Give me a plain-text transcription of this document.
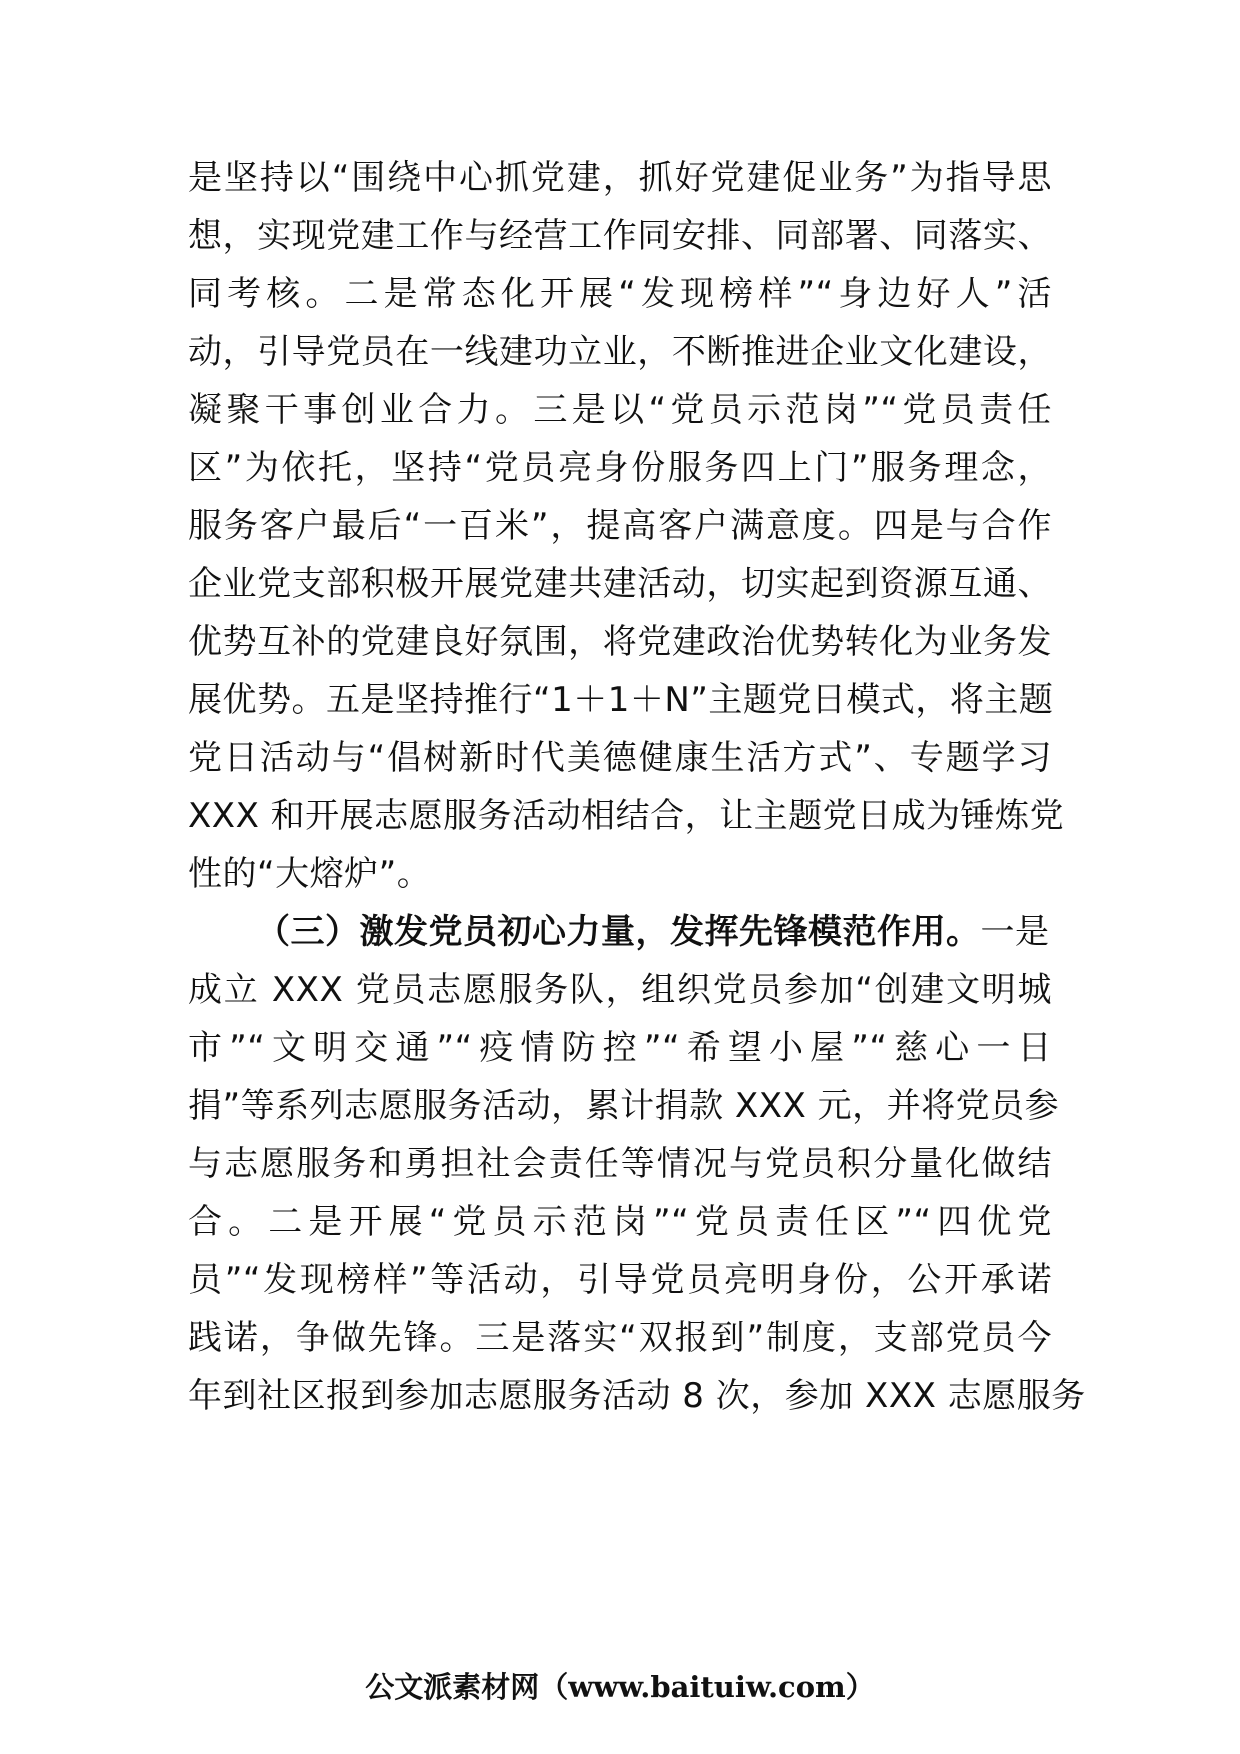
是坚持以“围绕中心抓党建，抓好党建促业务”为指导思
想，实现党建工作与经营工作同安排、同部署、同落实、
同考核。二是常态化开展“发现榜样”“身边好人”活
动，引导党员在一线建功立业，不断推进企业文化建设，
凝聚干事创业合力。三是以“党员示范岗”“党员责任
区”为依托，坚持“党员亮身份服务四上门”服务理念，
服务客户最后“一百米”，提高客户满意度。四是与合作
企业党支部积极开展党建共建活动，切实起到资源互通、
优势互补的党建良好氛围，将党建政治优势转化为业务发
展优势。五是坚持推行“1＋1＋N”主题党日模式，将主题
党日活动与“倡树新时代美德健康生活方式”、专题学习
XXX 和开展志愿服务活动相结合，让主题党日成为锤炼党
性的“大熔炉”。
（三）激发党员初心力量，发挥先锋模范作用。一是
成立 XXX 党员志愿服务队，组织党员参加“创建文明城
市”“文明交通”“疫情防控”“希望小屋”“慈心一日
捐”等系列志愿服务活动，累计捐款 XXX 元，并将党员参
与志愿服务和勇担社会责任等情况与党员积分量化做结
合。二是开展“党员示范岗”“党员责任区”“四优党
员”“发现榜样”等活动，引导党员亮明身份，公开承诺
践诺，争做先锋。三是落实“双报到”制度，支部党员今
年到社区报到参加志愿服务活动 8 次，参加 XXX 志愿服务
公文派素材网（www.baituiw.com）
